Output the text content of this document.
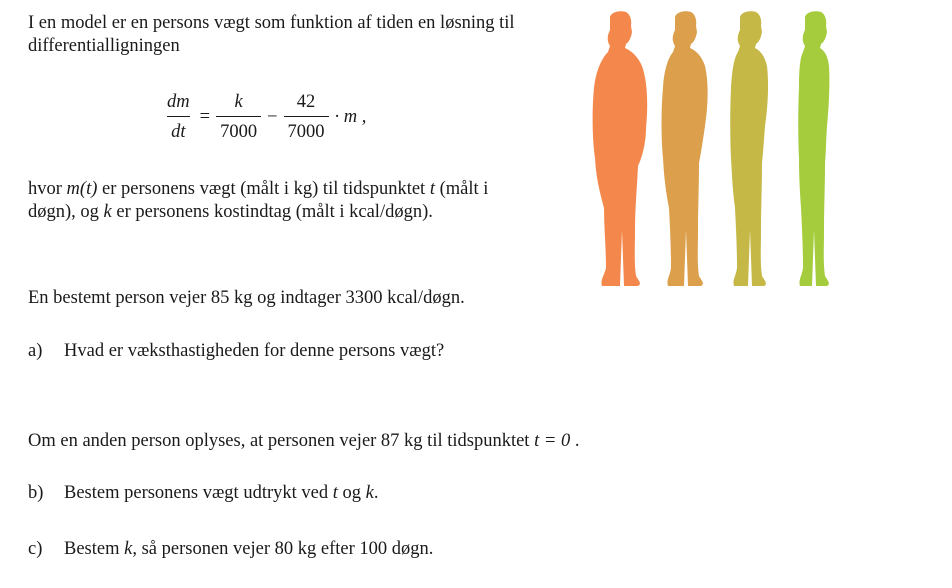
I en model er en persons vægt som funktion af tiden en løsning til differentialligningen

$\frac{dm}{dt} = \frac{k}{7000} - \frac{42}{7000} \cdot m$ ,

hvor m(t) er personens vægt (målt i kg) til tidspunktet t (målt i døgn), og k er personens kostindtag (målt i kcal/døgn).

En bestemt person vejer 85 kg og indtager 3300 kcal/døgn.

a) Hvad er væksthastigheden for denne persons vægt?

Om en anden person oplyses, at personen vejer 87 kg til tidspunktet t = 0 .

b) Bestem personens vægt udtrykt ved t og k.

c) Bestem k, så personen vejer 80 kg efter 100 døgn.
